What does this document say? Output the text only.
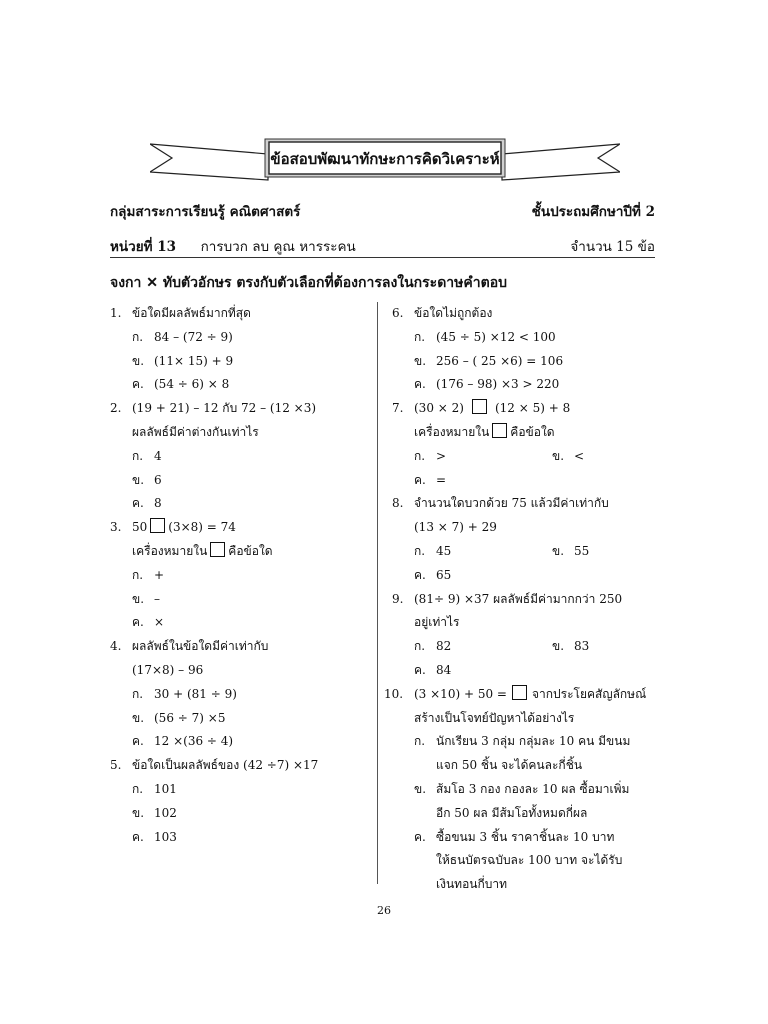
ข้อสอบพัฒนาทักษะการคิดวิเคราะห์
กลุ่มสาระการเรียนรู้ คณิตศาสตร์	ชั้นประถมศึกษาปีที่ 2
หน่วยที่ 13 การบวก ลบ คูณ หารระคน	จำนวน 15 ข้อ
จงกา ✕ ทับตัวอักษร ตรงกับตัวเลือกที่ต้องการลงในกระดาษคำตอบ
1. ข้อใดมีผลลัพธ์มากที่สุด
ก. 84 – (72 ÷ 9)
ข. (11× 15) + 9
ค. (54 ÷ 6) × 8
2. (19 + 21) – 12 กับ 72 – (12 ×3)
ผลลัพธ์มีค่าต่างกันเท่าไร
ก. 4
ข. 6
ค. 8
3. 50 (3×8) = 74
เครื่องหมายใน คือข้อใด
ก. +
ข. –
ค. ×
4. ผลลัพธ์ในข้อใดมีค่าเท่ากับ
(17×8) – 96
ก. 30 + (81 ÷ 9)
ข. (56 ÷ 7) ×5
ค. 12 ×(36 ÷ 4)
5. ข้อใดเป็นผลลัพธ์ของ (42 ÷7) ×17
ก. 101
ข. 102
ค. 103
6. ข้อใดไม่ถูกต้อง
ก. (45 ÷ 5) ×12 < 100
ข. 256 – ( 25 ×6) = 106
ค. (176 – 98) ×3 > 220
7. (30 × 2)	(12 × 5) + 8
เครื่องหมายใน คือข้อใด
ก. >	ข. <
ค. =
8. จำนวนใดบวกด้วย 75 แล้วมีค่าเท่ากับ
(13 × 7) + 29
ก. 45	ข. 55
ค. 65
9. (81÷ 9) ×37 ผลลัพธ์มีค่ามากกว่า 250
อยู่เท่าไร
ก. 82	ข. 83
ค. 84
10. (3 ×10) + 50 = จากประโยคสัญลักษณ์
สร้างเป็นโจทย์ปัญหาได้อย่างไร
ก. นักเรียน 3 กลุ่ม กลุ่มละ 10 คน มีขนม
แจก 50 ชิ้น จะได้คนละกี่ชิ้น
ข. ส้มโอ 3 กอง กองละ 10 ผล ซื้อมาเพิ่ม
อีก 50 ผล มีส้มโอทั้งหมดกี่ผล
ค. ซื้อขนม 3 ชิ้น ราคาชิ้นละ 10 บาท
ให้ธนบัตรฉบับละ 100 บาท จะได้รับ
เงินทอนกี่บาท
26
